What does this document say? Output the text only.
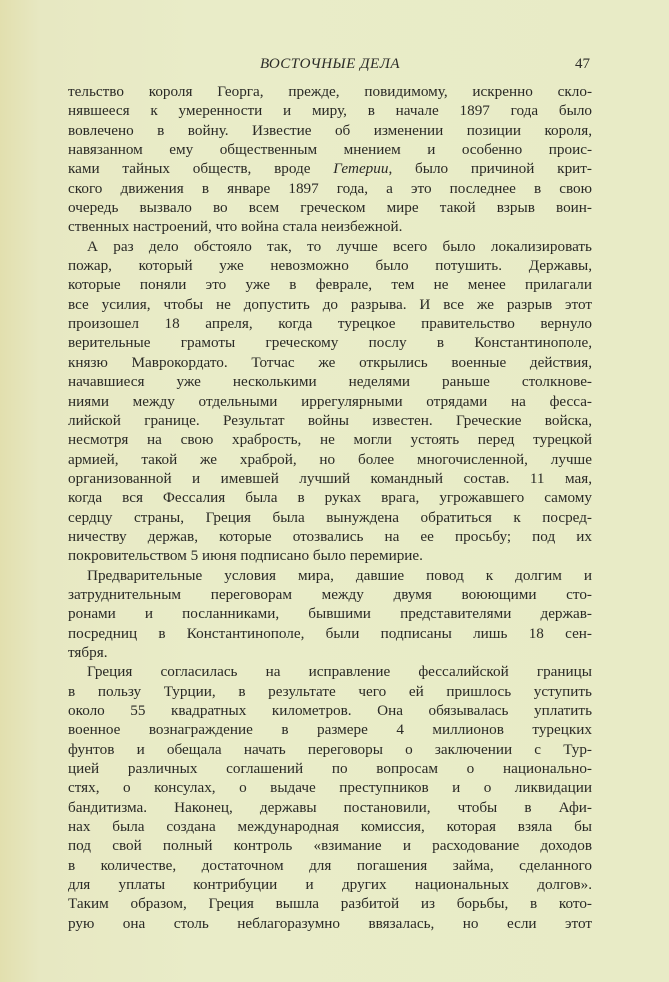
ВОСТОЧНЫЕ ДЕЛА	47
тельство короля Георга, прежде, повидимому, искренно скло-
нявшееся к умеренности и миру, в начале 1897 года было
вовлечено в войну. Известие об изменении позиции короля,
навязанном ему общественным мнением и особенно проис-
ками тайных обществ, вроде Гетерии, было причиной крит-
ского движения в январе 1897 года, а это последнее в свою
очередь вызвало во всем греческом мире такой взрыв воин-
ственных настроений, что война стала неизбежной.
А раз дело обстояло так, то лучше всего было локализировать
пожар, который уже невозможно было потушить. Державы,
которые поняли это уже в феврале, тем не менее прилагали
все усилия, чтобы не допустить до разрыва. И все же разрыв этот
произошел 18 апреля, когда турецкое правительство вернуло
верительные грамоты греческому послу в Константинополе,
князю Маврокордато. Тотчас же открылись военные действия,
начавшиеся уже несколькими неделями раньше столкнове-
ниями между отдельными иррегулярными отрядами на фесса-
лийской границе. Результат войны известен. Греческие войска,
несмотря на свою храбрость, не могли устоять перед турецкой
армией, такой же храброй, но более многочисленной, лучше
организованной и имевшей лучший командный состав. 11 мая,
когда вся Фессалия была в руках врага, угрожавшего самому
сердцу страны, Греция была вынуждена обратиться к посред-
ничеству держав, которые отозвались на ее просьбу; под их
покровительством 5 июня подписано было перемирие.
Предварительные условия мира, давшие повод к долгим и
затруднительным переговорам между двумя воюющими сто-
ронами и посланниками, бывшими представителями держав-
посредниц в Константинополе, были подписаны лишь 18 сен-
тября.
Греция согласилась на исправление фессалийской границы
в пользу Турции, в результате чего ей пришлось уступить
около 55 квадратных километров. Она обязывалась уплатить
военное вознаграждение в размере 4 миллионов турецких
фунтов и обещала начать переговоры о заключении с Тур-
цией различных соглашений по вопросам о национально-
стях, о консулах, о выдаче преступников и о ликвидации
бандитизма. Наконец, державы постановили, чтобы в Афи-
нах была создана международная комиссия, которая взяла бы
под свой полный контроль «взимание и расходование доходов
в количестве, достаточном для погашения займа, сделанного
для уплаты контрибуции и других национальных долгов».
Таким образом, Греция вышла разбитой из борьбы, в кото-
рую она столь неблагоразумно ввязалась, но если этот
